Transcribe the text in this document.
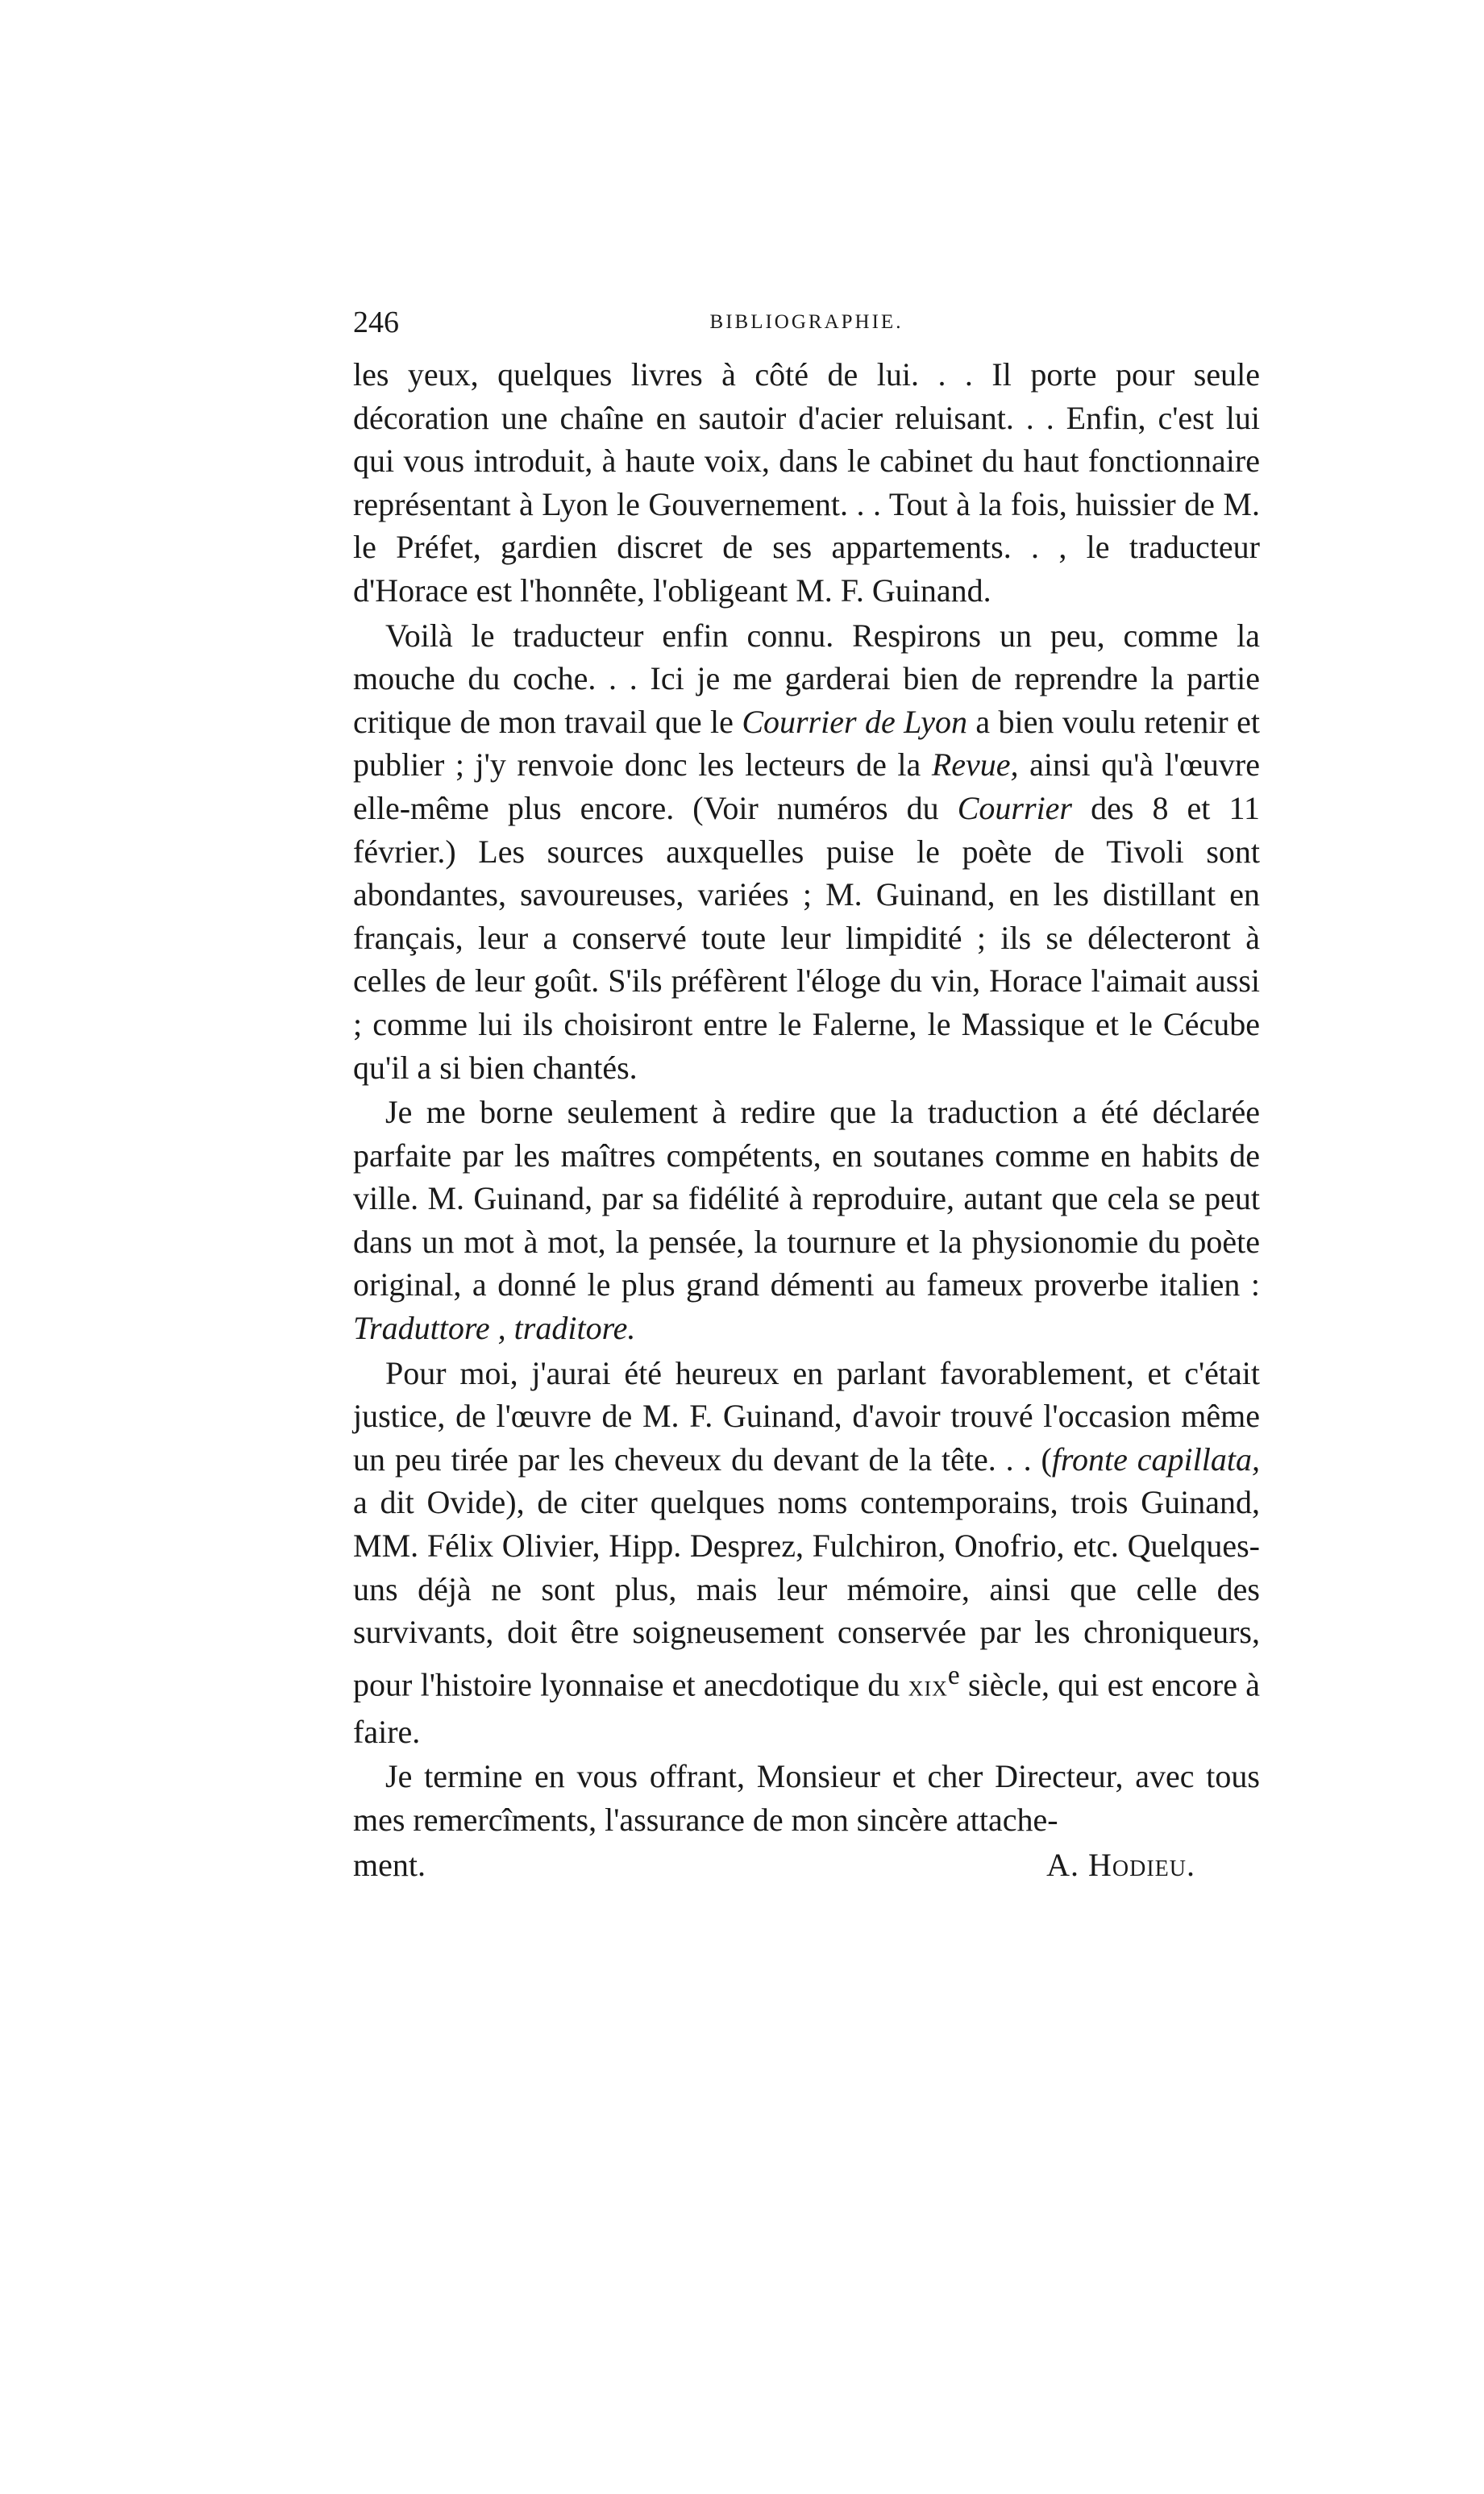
246	BIBLIOGRAPHIE.

les yeux, quelques livres à côté de lui. . . Il porte pour seule décoration une chaîne en sautoir d'acier reluisant. . . Enfin, c'est lui qui vous introduit, à haute voix, dans le cabinet du haut fonctionnaire représentant à Lyon le Gouvernement. . . Tout à la fois, huissier de M. le Préfet, gardien discret de ses appartements. . , le traducteur d'Horace est l'honnête, l'obligeant M. F. Guinand.

Voilà le traducteur enfin connu. Respirons un peu, comme la mouche du coche. . . Ici je me garderai bien de reprendre la partie critique de mon travail que le Courrier de Lyon a bien voulu retenir et publier ; j'y renvoie donc les lecteurs de la Revue, ainsi qu'à l'œuvre elle-même plus encore. (Voir numéros du Courrier des 8 et 11 février.) Les sources auxquelles puise le poète de Tivoli sont abondantes, savoureuses, variées ; M. Guinand, en les distillant en français, leur a conservé toute leur limpidité ; ils se délecteront à celles de leur goût. S'ils préfèrent l'éloge du vin, Horace l'aimait aussi ; comme lui ils choisiront entre le Falerne, le Massique et le Cécube qu'il a si bien chantés.

Je me borne seulement à redire que la traduction a été déclarée parfaite par les maîtres compétents, en soutanes comme en habits de ville. M. Guinand, par sa fidélité à reproduire, autant que cela se peut dans un mot à mot, la pensée, la tournure et la physionomie du poète original, a donné le plus grand démenti au fameux proverbe italien : Traduttore , traditore.

Pour moi, j'aurai été heureux en parlant favorablement, et c'était justice, de l'œuvre de M. F. Guinand, d'avoir trouvé l'occasion même un peu tirée par les cheveux du devant de la tête. . . (fronte capillata, a dit Ovide), de citer quelques noms contemporains, trois Guinand, MM. Félix Olivier, Hipp. Desprez, Fulchiron, Onofrio, etc. Quelques-uns déjà ne sont plus, mais leur mémoire, ainsi que celle des survivants, doit être soigneusement conservée par les chroniqueurs, pour l'histoire lyonnaise et anecdotique du XIXe siècle, qui est encore à faire.

Je termine en vous offrant, Monsieur et cher Directeur, avec tous mes remercîments, l'assurance de mon sincère attache-

ment.	A. Hodieu.
